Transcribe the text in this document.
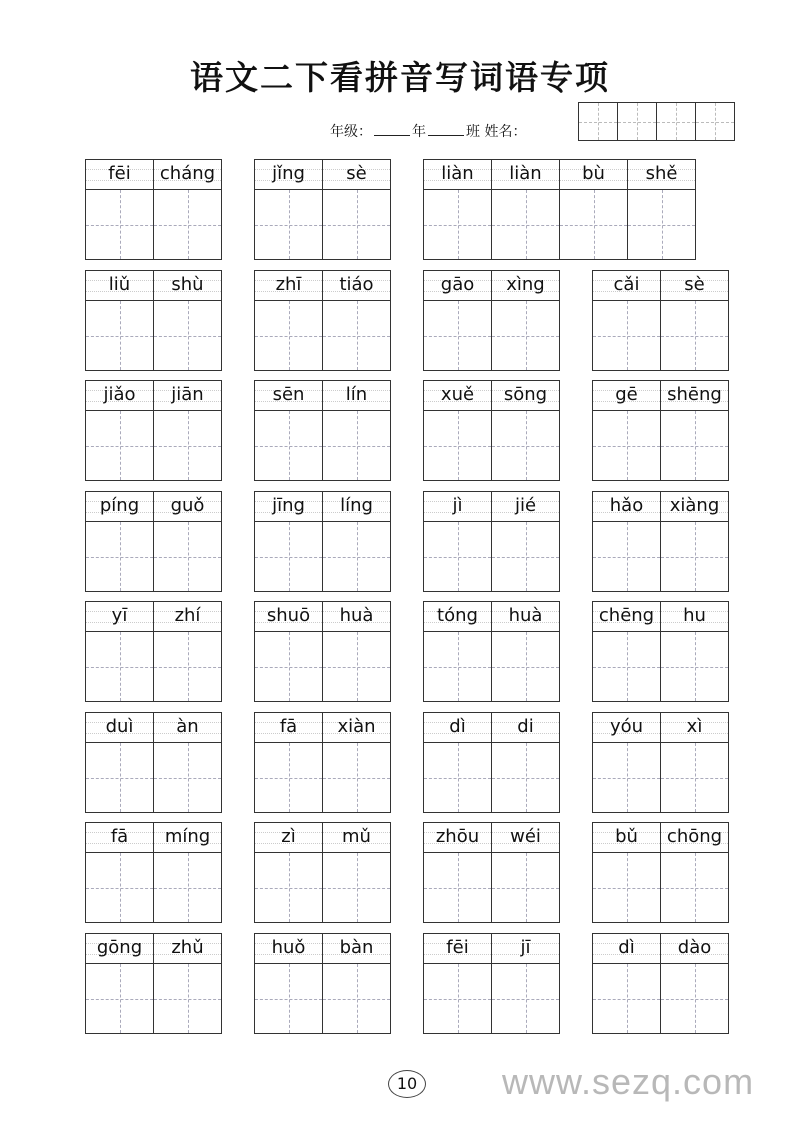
语文二下看拼音写词语专项
年级：	年	班 姓名：
fēi	cháng	jǐng	sè	liàn	liàn	bù	shě
liǔ	shù	zhī	tiáo	gāo	xìng	cǎi	sè
jiǎo	jiān	sēn	lín	xuě	sōng	gē	shēng
píng	guǒ	jīng	líng	jì	jié	hǎo	xiàng
yī	zhí	shuō	huà	tóng	huà	chēng	hu
duì	àn	fā	xiàn	dì	di	yóu	xì
fā	míng	zì	mǔ	zhōu	wéi	bǔ	chōng
gōng	zhǔ	huǒ	bàn	fēi	jī	dì	dào
10 www.sezq.com
